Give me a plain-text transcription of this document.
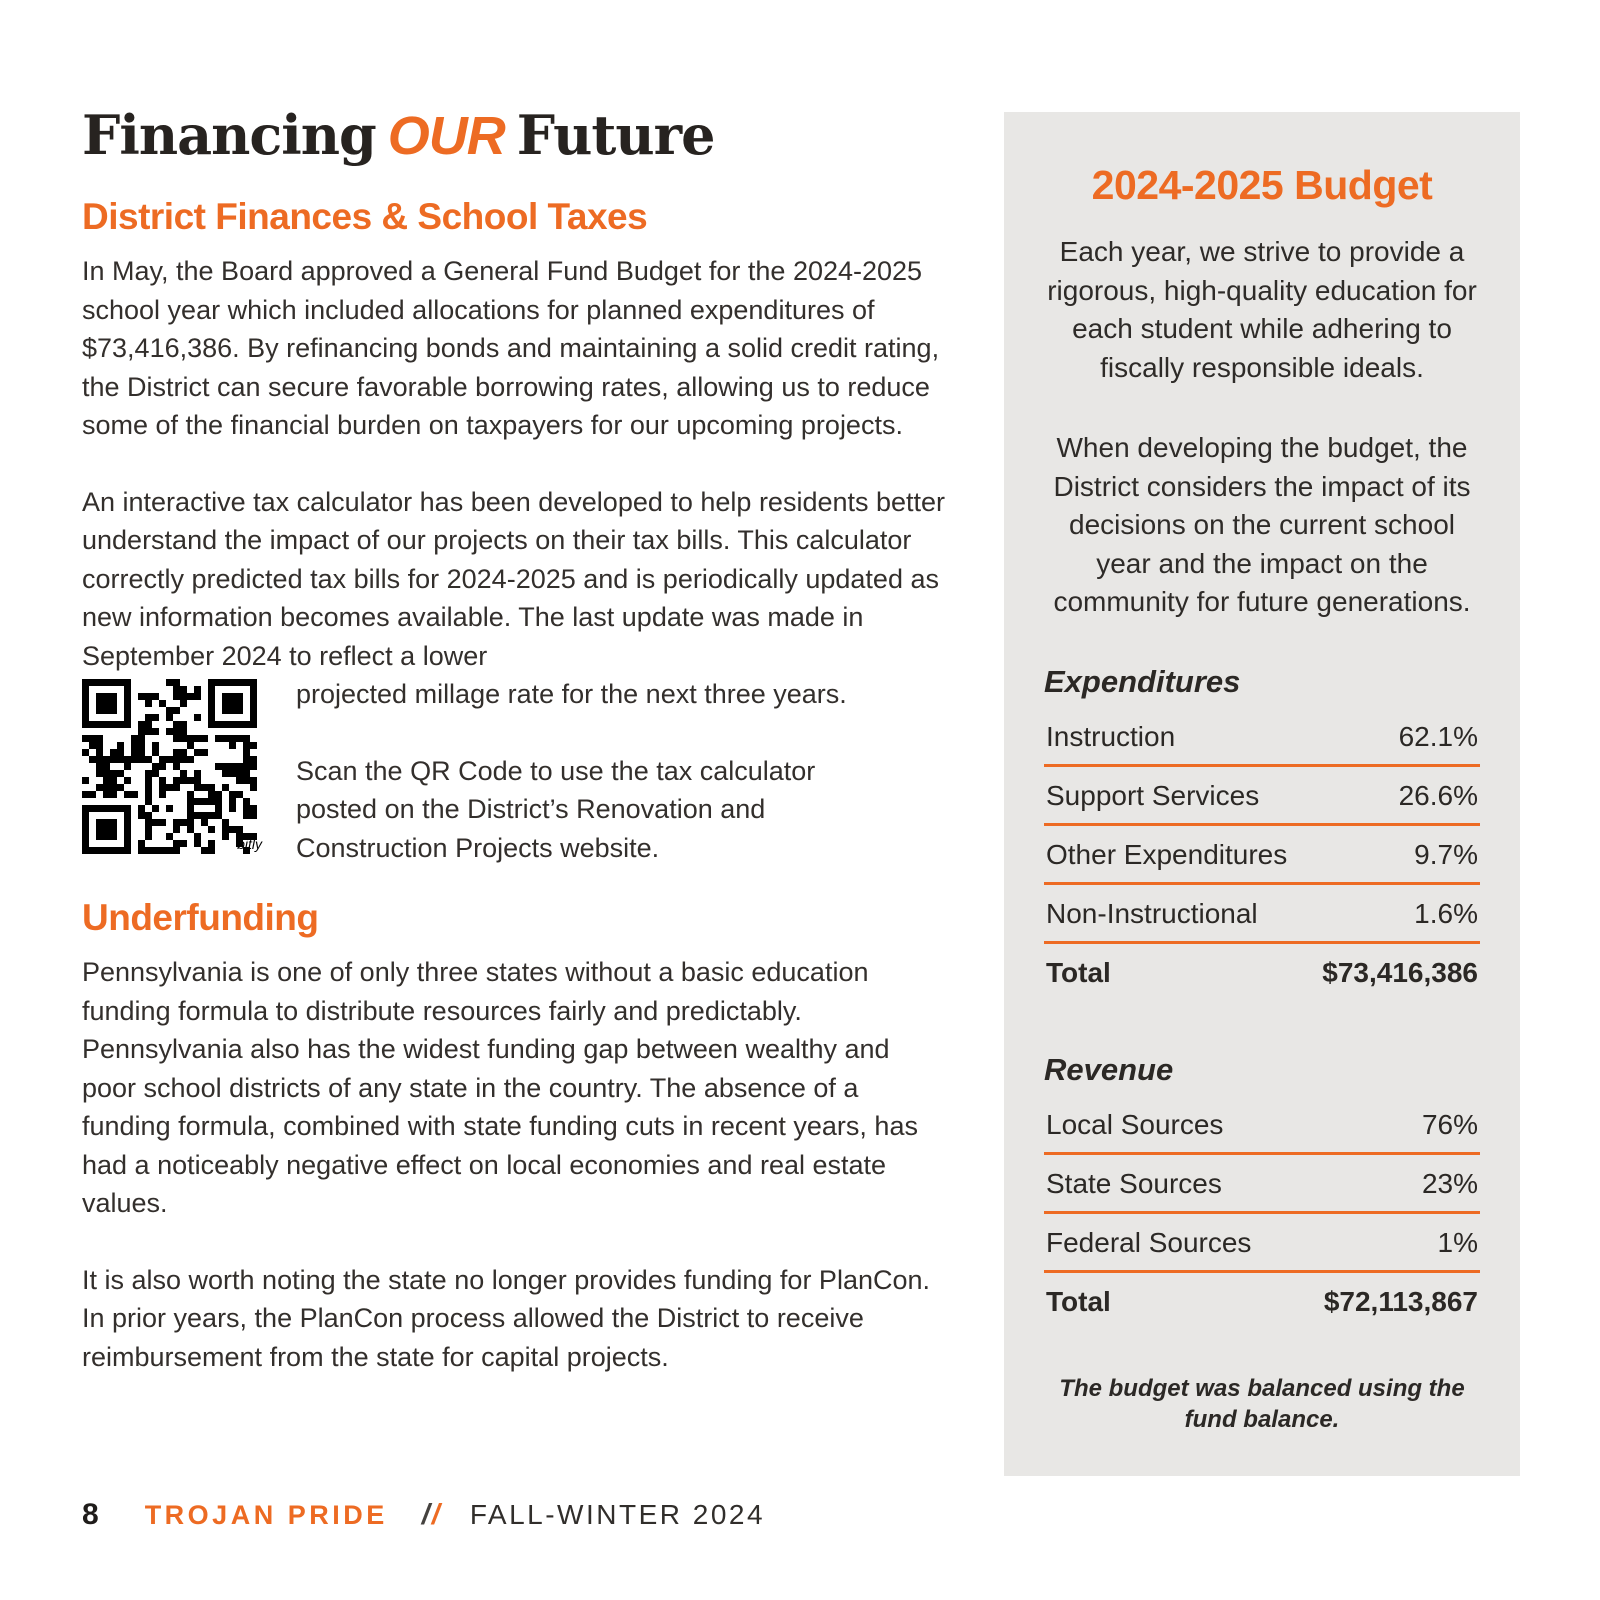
Financing OUR Future
District Finances & School Taxes

In May, the Board approved a General Fund Budget for the 2024-2025 school year which included allocations for planned expenditures of $73,416,386. By refinancing bonds and maintaining a solid credit rating, the District can secure favorable borrowing rates, allowing us to reduce some of the financial burden on taxpayers for our upcoming projects.

An interactive tax calculator has been developed to help residents better understand the impact of our projects on their tax bills. This calculator correctly predicted tax bills for 2024-2025 and is periodically updated as new information becomes available. The last update was made in September 2024 to reflect a lower

bitly

projected millage rate for the next three years.

Scan the QR Code to use the tax calculator posted on the District’s Renovation and Construction Projects website.

Underfunding

Pennsylvania is one of only three states without a basic education funding formula to distribute resources fairly and predictably. Pennsylvania also has the widest funding gap between wealthy and poor school districts of any state in the country. The absence of a funding formula, combined with state funding cuts in recent years, has had a noticeably negative effect on local economies and real estate values.

It is also worth noting the state no longer provides funding for PlanCon. In prior years, the PlanCon process allowed the District to receive reimbursement from the state for capital projects.

2024-2025 Budget

Each year, we strive to provide a rigorous, high-quality education for each student while adhering to fiscally responsible ideals.

When developing the budget, the District considers the impact of its decisions on the current school year and the impact on the community for future generations.

Expenditures
Instruction	62.1%
Support Services	26.6%
Other Expenditures	9.7%
Non-Instructional	1.6%
Total	$73,416,386
Revenue
Local Sources	76%
State Sources	23%
Federal Sources	1%
Total	$72,113,867

The budget was balanced using the fund balance.

8 TROJAN PRIDE // FALL-WINTER 2024
